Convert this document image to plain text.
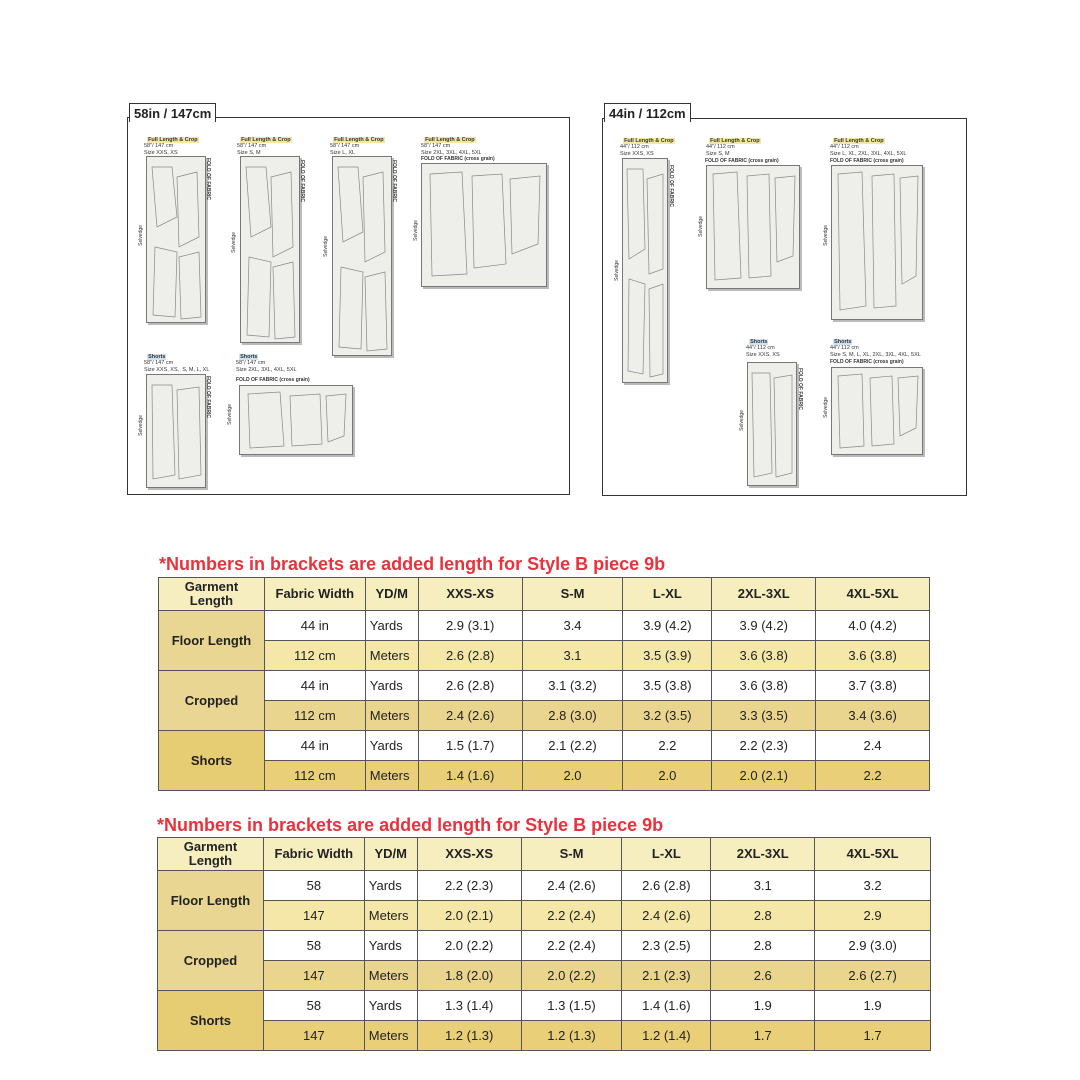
58in / 147cm

Full Length & Crop
58"/ 147 cm
Size XXS, XS

Full Length & Crop
58"/ 147 cm
Size S, M

Full Length & Crop
58"/ 147 cm
Size L, XL

Full Length & Crop
58"/ 147 cm
Size 2XL, 3XL, 4XL, 5XL

Shorts
58"/ 147 cm
Size XXS, XS,  S, M, L, XL

Shorts
58"/ 147 cm
Size 2XL, 3XL, 4XL, 5XL

FOLD OF FABRIC	FOLD OF FABRIC	FOLD OF FABRIC
FOLD OF FABRIC
FOLD OF FABRIC (cross grain)
FOLD OF FABRIC (cross grain)
Selvedge	Selvedge	Selvedge
Selvedge
Selvedge
Selvedge
44in / 112cm

Full Length & Crop
44"/ 112 cm
Size XXS, XS

Full Length & Crop
44"/ 112 cm
Size S, M

Full Length & Crop
44"/ 112 cm
Size L, XL, 2XL, 3XL, 4XL, 5XL

Shorts
44"/ 112 cm
Size XXS, XS

Shorts
44"/ 112 cm
Size S, M, L, XL, 2XL, 3XL, 4XL, 5XL

FOLD OF FABRIC
FOLD OF FABRIC
FOLD OF FABRIC (cross grain)	FOLD OF FABRIC (cross grain)
FOLD OF FABRIC (cross grain)
Selvedge
Selvedge	Selvedge
Selvedge
Selvedge
*Numbers in brackets are added length for Style B piece 9b
Garment Length	Fabric Width	YD/M	XXS-XS	S-M	L-XL	2XL-3XL	4XL-5XL
Floor Length	44 in	Yards	2.9 (3.1)	3.4	3.9 (4.2)	3.9 (4.2)	4.0 (4.2)
	112 cm	Meters	2.6 (2.8)	3.1	3.5 (3.9)	3.6 (3.8)	3.6 (3.8)
Cropped	44 in	Yards	2.6 (2.8)	3.1 (3.2)	3.5 (3.8)	3.6 (3.8)	3.7 (3.8)
	112 cm	Meters	2.4 (2.6)	2.8 (3.0)	3.2 (3.5)	3.3 (3.5)	3.4 (3.6)
Shorts	44 in	Yards	1.5 (1.7)	2.1 (2.2)	2.2	2.2 (2.3)	2.4
	112 cm	Meters	1.4 (1.6)	2.0	2.0	2.0 (2.1)	2.2
*Numbers in brackets are added length for Style B piece 9b
Garment Length	Fabric Width	YD/M	XXS-XS	S-M	L-XL	2XL-3XL	4XL-5XL
Floor Length	58	Yards	2.2 (2.3)	2.4 (2.6)	2.6 (2.8)	3.1	3.2
	147	Meters	2.0 (2.1)	2.2 (2.4)	2.4 (2.6)	2.8	2.9
Cropped	58	Yards	2.0 (2.2)	2.2 (2.4)	2.3 (2.5)	2.8	2.9 (3.0)
	147	Meters	1.8 (2.0)	2.0 (2.2)	2.1 (2.3)	2.6	2.6 (2.7)
Shorts	58	Yards	1.3 (1.4)	1.3 (1.5)	1.4 (1.6)	1.9	1.9
	147	Meters	1.2 (1.3)	1.2 (1.3)	1.2 (1.4)	1.7	1.7
